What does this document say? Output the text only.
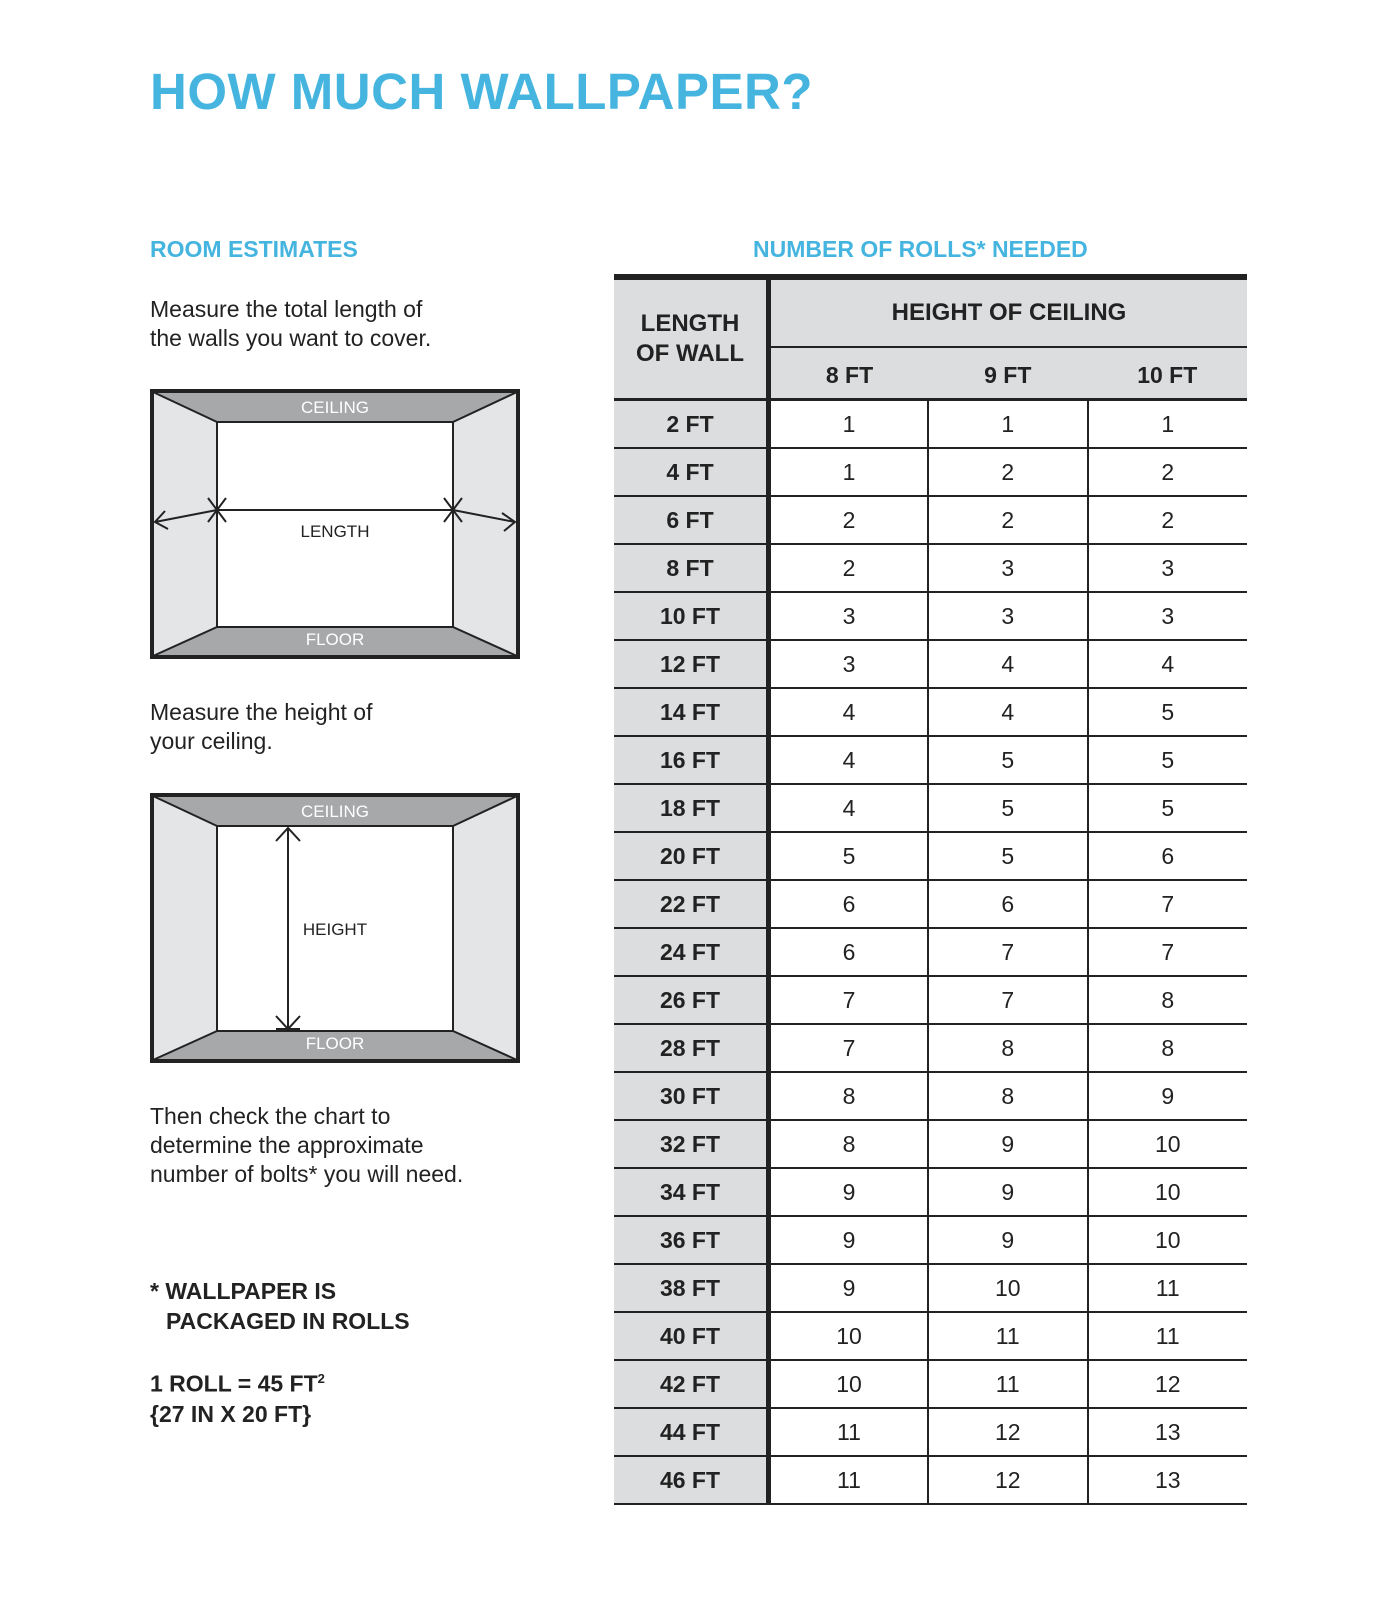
HOW MUCH WALLPAPER?
ROOM ESTIMATES

Measure the total length of
the walls you want to cover.

CEILING
FLOOR
LENGTH

Measure the height of
your ceiling.

CEILING
FLOOR
HEIGHT

Then check the chart to
determine the approximate
number of bolts* you will need.

* WALLPAPER IS
PACKAGED IN ROLLS

1 ROLL = 45 $FT^2$
{27 IN X 20 FT}

NUMBER OF ROLLS* NEEDED
LENGTH
OF WALL	HEIGHT OF CEILING		
	8 FT	9 FT	10 FT
2 FT	1	1	1
4 FT	1	2	2
6 FT	2	2	2
8 FT	2	3	3
10 FT	3	3	3
12 FT	3	4	4
14 FT	4	4	5
16 FT	4	5	5
18 FT	4	5	5
20 FT	5	5	6
22 FT	6	6	7
24 FT	6	7	7
26 FT	7	7	8
28 FT	7	8	8
30 FT	8	8	9
32 FT	8	9	10
34 FT	9	9	10
36 FT	9	9	10
38 FT	9	10	11
40 FT	10	11	11
42 FT	10	11	12
44 FT	11	12	13
46 FT	11	12	13
